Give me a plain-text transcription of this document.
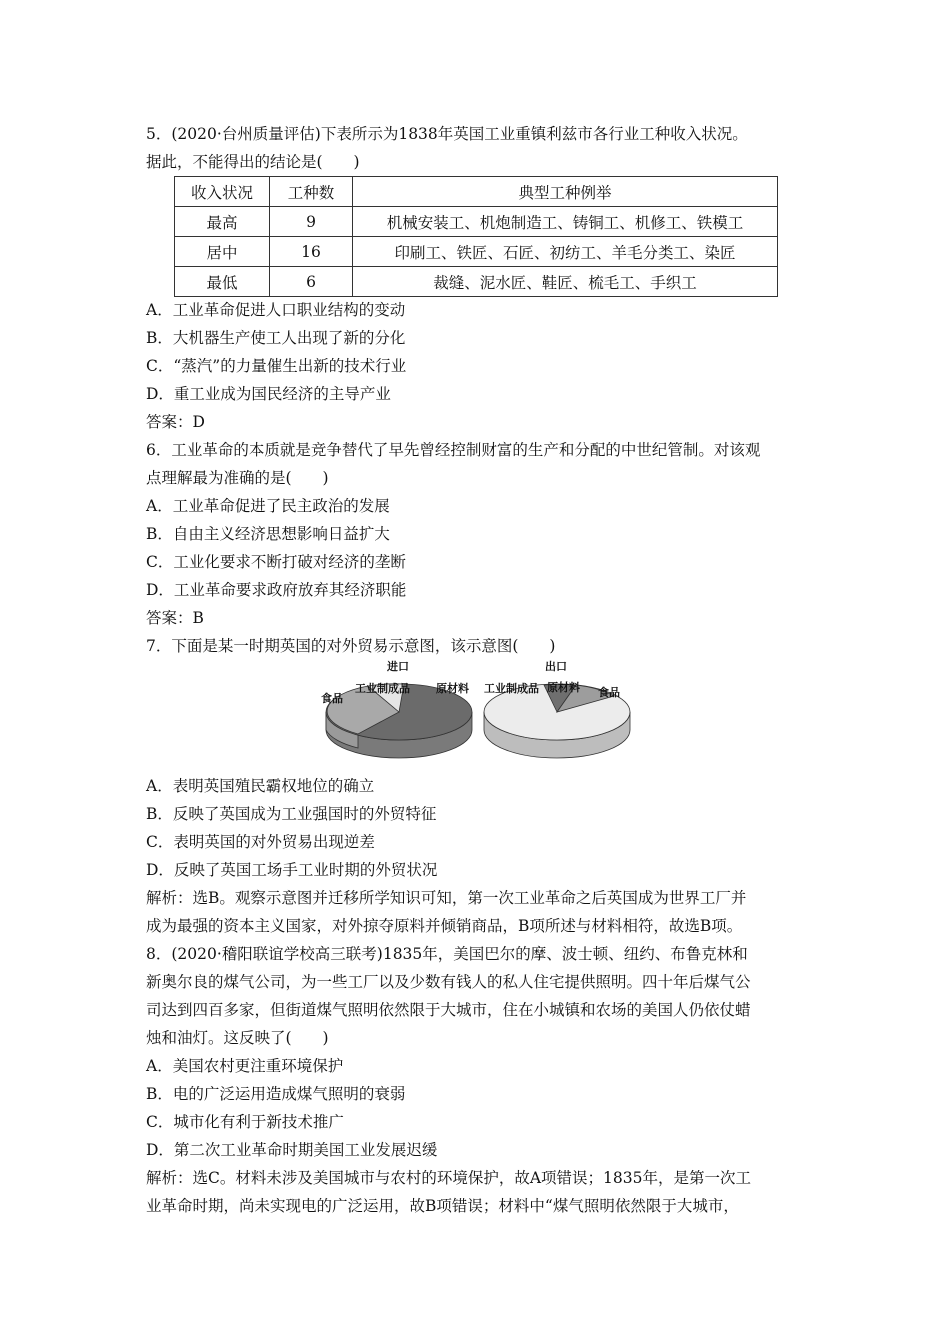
5．(2020·台州质量评估)下表所示为1838年英国工业重镇利兹市各行业工种收入状况。
据此，不能得出的结论是(　　)
收入状况	工种数	典型工种例举
最高	9	机械安装工、机炮制造工、铸铜工、机修工、铁模工
居中	16	印刷工、铁匠、石匠、初纺工、羊毛分类工、染匠
最低	6	裁缝、泥水匠、鞋匠、梳毛工、手织工
A．工业革命促进人口职业结构的变动
B．大机器生产使工人出现了新的分化
C．“蒸汽”的力量催生出新的技术行业
D．重工业成为国民经济的主导产业
答案：D
6．工业革命的本质就是竞争替代了早先曾经控制财富的生产和分配的中世纪管制。对该观
点理解最为准确的是(　　)
A．工业革命促进了民主政治的发展
B．自由主义经济思想影响日益扩大
C．工业化要求不断打破对经济的垄断
D．工业革命要求政府放弃其经济职能
答案：B
7．下面是某一时期英国的对外贸易示意图，该示意图(　　)
进口
食品
工业制成品 原材料
出口
工业制成品 原材料 食品
A．表明英国殖民霸权地位的确立
B．反映了英国成为工业强国时的外贸特征
C．表明英国的对外贸易出现逆差
D．反映了英国工场手工业时期的外贸状况
解析：选B。观察示意图并迁移所学知识可知，第一次工业革命之后英国成为世界工厂并
成为最强的资本主义国家，对外掠夺原料并倾销商品，B项所述与材料相符，故选B项。
8．(2020·稽阳联谊学校高三联考)1835年，美国巴尔的摩、波士顿、纽约、布鲁克林和
新奥尔良的煤气公司，为一些工厂以及少数有钱人的私人住宅提供照明。四十年后煤气公
司达到四百多家，但街道煤气照明依然限于大城市，住在小城镇和农场的美国人仍依仗蜡
烛和油灯。这反映了(　　)
A．美国农村更注重环境保护
B．电的广泛运用造成煤气照明的衰弱
C．城市化有利于新技术推广
D．第二次工业革命时期美国工业发展迟缓
解析：选C。材料未涉及美国城市与农村的环境保护，故A项错误；1835年，是第一次工
业革命时期，尚未实现电的广泛运用，故B项错误；材料中“煤气照明依然限于大城市，
